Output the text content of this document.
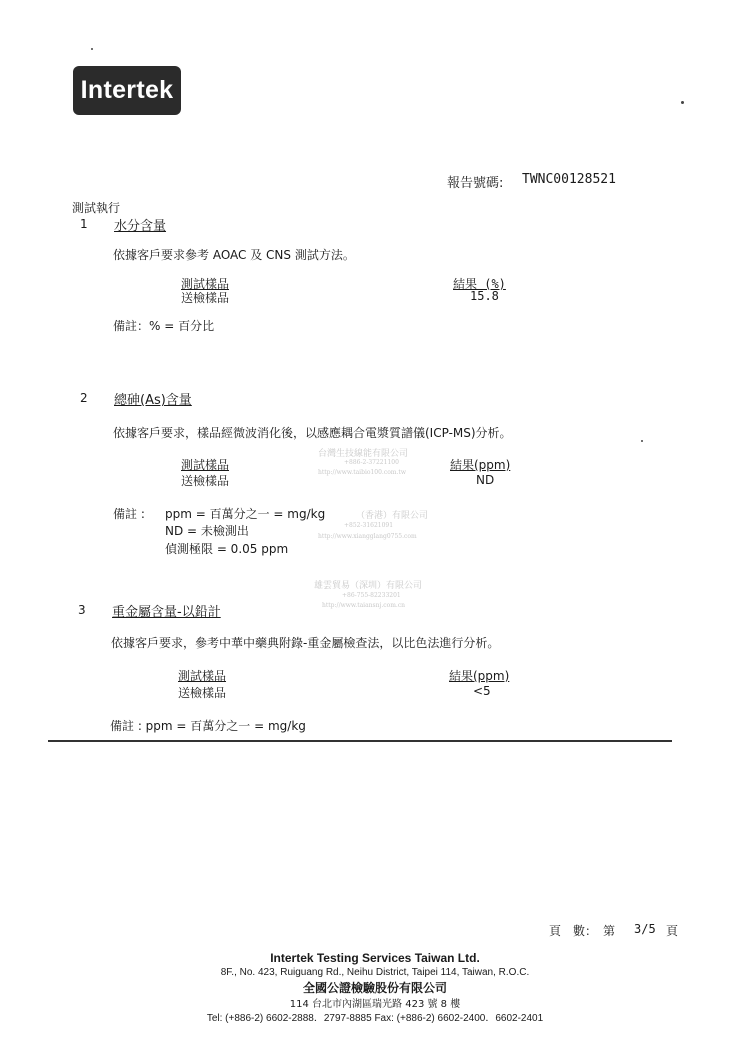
Intertek
報告號碼: TWNC00128521
測試執行
1 水分含量
依據客戶要求參考 AOAC 及 CNS 測試方法。
測試樣品	結果 (%)
送檢樣品	15.8
備註：% = 百分比
2 總砷(As)含量
依據客戶要求，樣品經微波消化後，以感應耦合電漿質譜儀(ICP-MS)分析。
測試樣品	結果(ppm)
送檢樣品	ND
備註 : ppm = 百萬分之一 = mg/kg
ND = 未檢測出
偵測極限 = 0.05 ppm
3 重金屬含量-以鉛計
依據客戶要求，參考中華中藥典附錄-重金屬檢查法，以比色法進行分析。
測試樣品	結果(ppm)
送檢樣品	<5
備註 : ppm = 百萬分之一 = mg/kg
台灣生技線能有限公司
+886-2-37221100
http://www.taibio100.com.tw
（香港）有限公司
+852-31621091
http://www.xiangglang0755.com
雄雲貿易（深圳）有限公司
+86-755-82233201
http://www.taiansnj.com.cn
頁　數：　第 3/5 頁
Intertek Testing Services Taiwan Ltd.
8F., No. 423, Ruiguang Rd., Neihu District, Taipei 114, Taiwan, R.O.C.
全國公證檢驗股份有限公司
114 台北市內湖區瑞光路 423 號 8 樓
Tel: (+886-2) 6602-2888．2797-8885 Fax: (+886-2) 6602-2400．6602-2401
